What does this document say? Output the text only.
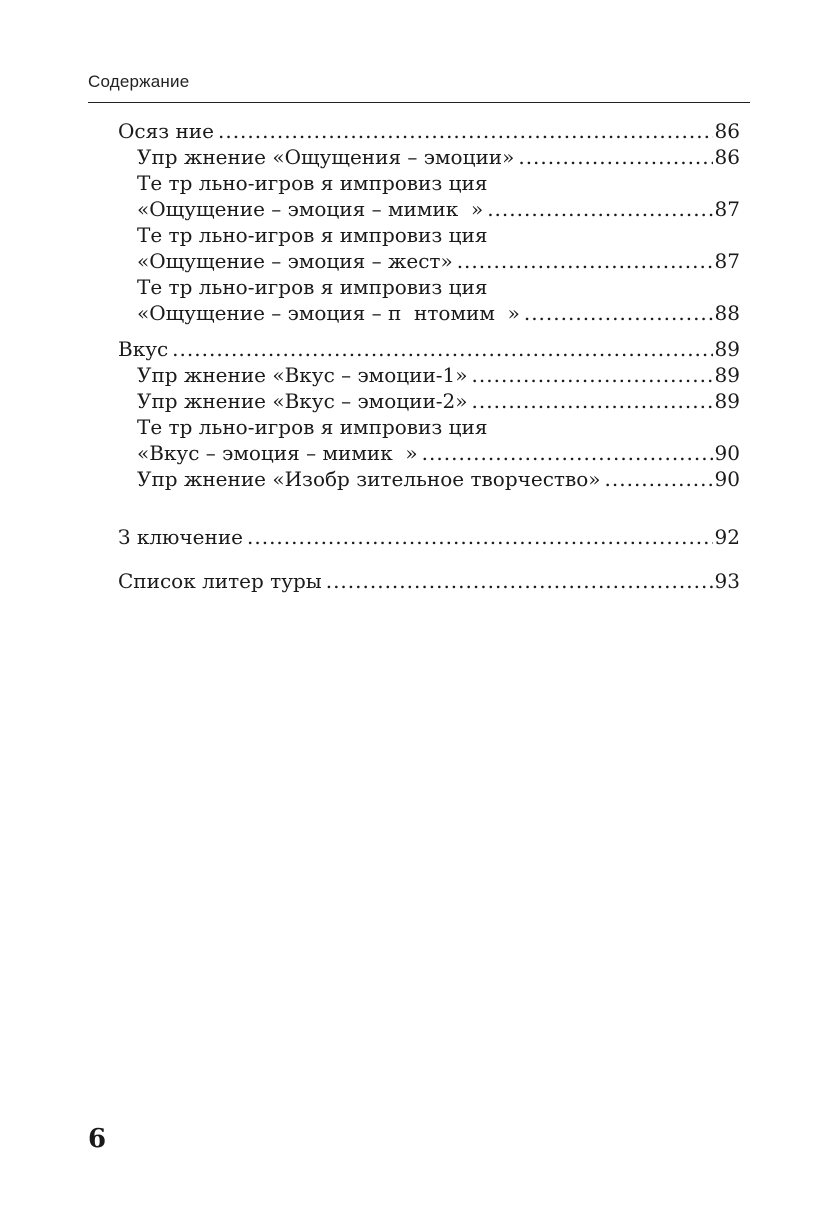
Содержание
Осяз ние .....	86
Упр жнение «Ощущения – эмоции» .....	86
Те тр льно-игров я импровиз ция
«Ощущение – эмоция – мимик  » .....	87
Те тр льно-игров я импровиз ция
«Ощущение – эмоция – жест» .....	87
Те тр льно-игров я импровиз ция
«Ощущение – эмоция – п  нтомим  » .....	88
Вкус .....	89
Упр жнение «Вкус – эмоции-1» .....	89
Упр жнение «Вкус – эмоции-2» .....	89
Те тр льно-игров я импровиз ция
«Вкус – эмоция – мимик  » .....	90
Упр жнение «Изобр зительное творчество» .....	90
З ключение .....	92
Список литер туры .....	93
6
